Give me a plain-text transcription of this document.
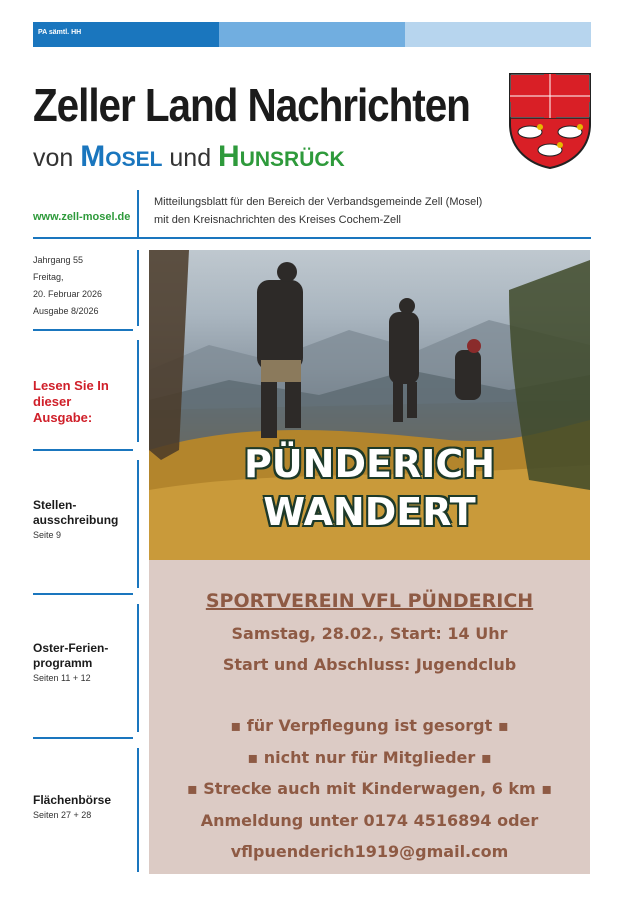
PA sämtl. HH
Zeller Land Nachrichten
von Mosel und Hunsrück
www.zell-mosel.de
Mitteilungsblatt für den Bereich der Verbandsgemeinde Zell (Mosel)
mit den Kreisnachrichten des Kreises Cochem-Zell
Jahrgang 55
Freitag,
20. Februar 2026
Ausgabe 8/2026
Lesen Sie In
dieser
Ausgabe:
Stellen-
ausschreibung
Seite 9
Oster-Ferien-
programm
Seiten 11 + 12
Flächenbörse
Seiten 27 + 28
PÜNDERICH
WANDERT
SPORTVEREIN VFL PÜNDERICH
Samstag, 28.02., Start: 14 Uhr
Start und Abschluss: Jugendclub
▪ für Verpflegung ist gesorgt ▪
▪ nicht nur für Mitglieder ▪
▪ Strecke auch mit Kinderwagen, 6 km ▪
Anmeldung unter 0174 4516894 oder
vflpuenderich1919@gmail.com
